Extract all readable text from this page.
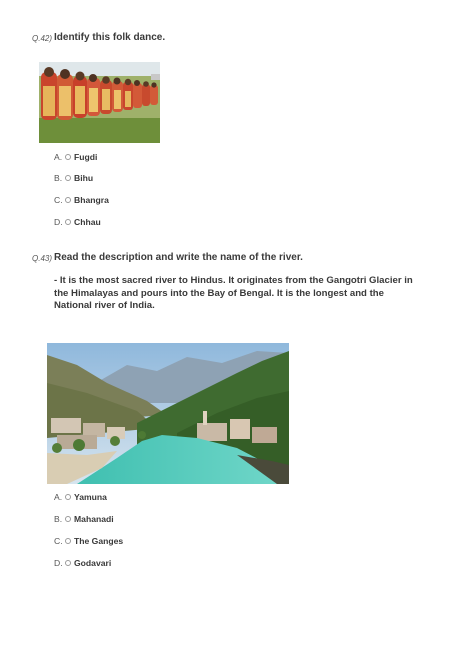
Q.42) Identify this folk dance.
A. Fugdi
B. Bihu
C. Bhangra
D. Chhau
Q.43) Read the description and write the name of the river.
- It is the most sacred river to Hindus. It originates from the Gangotri Glacier in the Himalayas and pours into the Bay of Bengal. It is the longest and the National river of India.
A. Yamuna
B. Mahanadi
C. The Ganges
D. Godavari
